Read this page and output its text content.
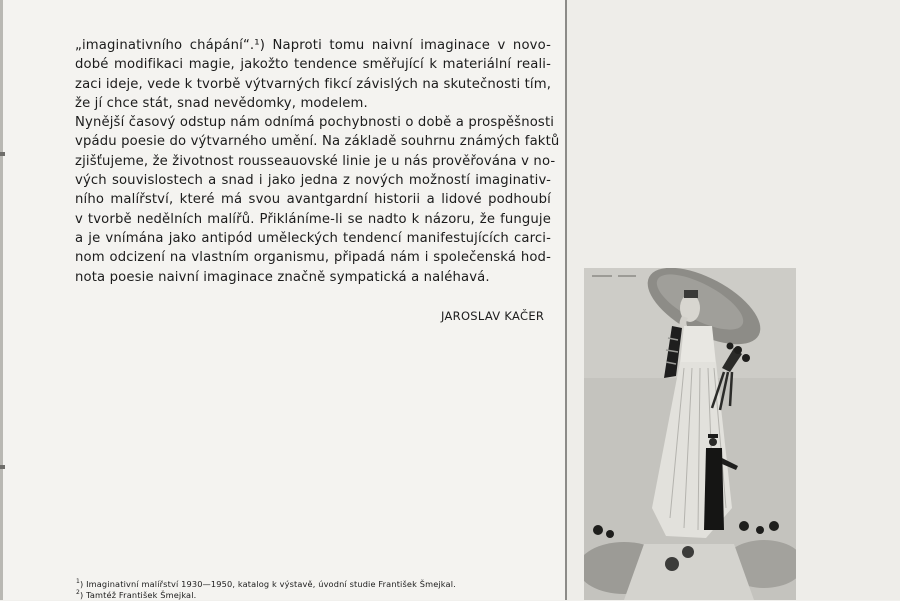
„imaginativního chápání“.¹) Naproti tomu naivní imaginace v novo-
dobé modifikaci magie, jakožto tendence směřující k materiální reali-
zaci ideje, vede k tvorbě výtvarných fikcí závislých na skutečnosti tím,
že jí chce stát, snad nevědomky, modelem.
Nynější časový odstup nám odnímá pochybnosti o době a prospěšnosti
vpádu poesie do výtvarného umění. Na základě souhrnu známých faktů
zjišťujeme, že životnost rousseauovské linie je u nás prověřována v no-
vých souvislostech a snad i jako jedna z nových možností imaginativ-
ního malířství, které má svou avantgardní historii a lidové podhoubí
v tvorbě nedělních malířů. Přikláníme-li se nadto k názoru, že funguje
a je vnímána jako antipód uměleckých tendencí manifestujících carci-
nom odcizení na vlastním organismu, připadá nám i společenská hod-
nota poesie naivní imaginace značně sympatická a naléhavá.
JAROSLAV KAČER
$^1$) Imaginativní malířství 1930—1950, katalog k výstavě, úvodní studie František Šmejkal.
$^2$) Tamtéž František Šmejkal.
